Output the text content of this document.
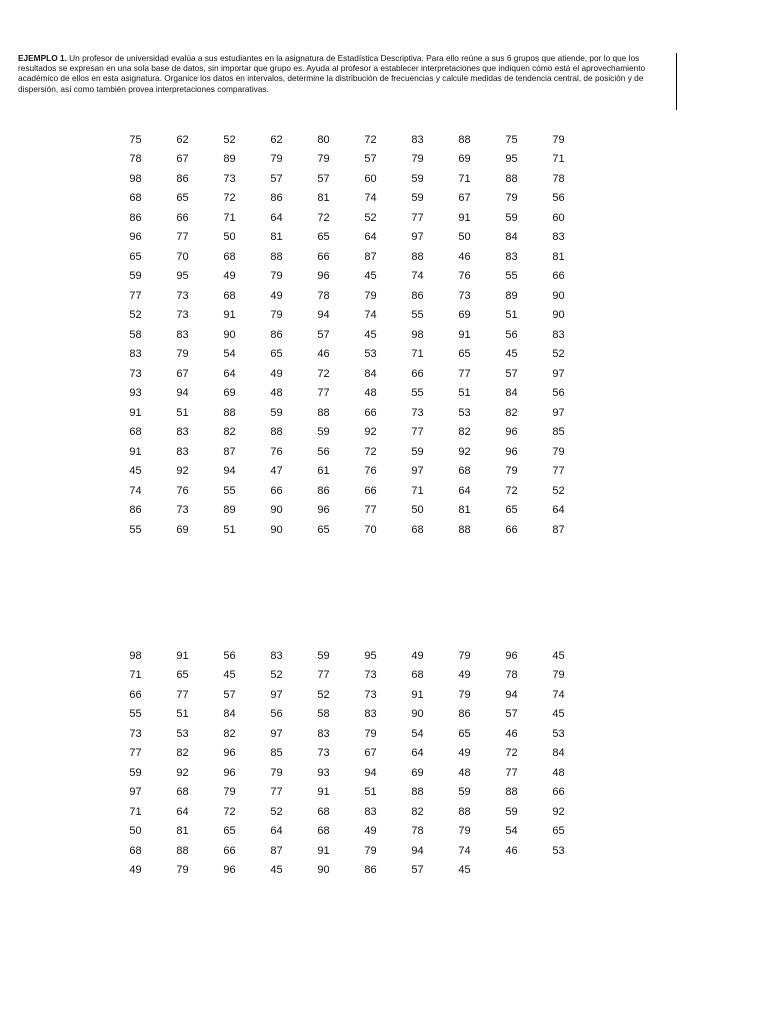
EJEMPLO 1. Un profesor de universidad evalúa a sus estudiantes en la asignatura de Estadística Descriptiva. Para ello reúne a sus 6 grupos que atiende, por lo que los resultados se expresan en una sola base de datos, sin importar que grupo es. Ayuda al profesor a establecer interpretaciones que indiquen cómo está el aprovechamiento académico de ellos en esta asignatura. Organice los datos en intervalos, determine la distribución de frecuencias y calcule medidas de tendencia central, de posición y de dispersión, así como también provea interpretaciones comparativas.
75	62	52	62	80	72	83	88	75	79
78	67	89	79	79	57	79	69	95	71
98	86	73	57	57	60	59	71	88	78
68	65	72	86	81	74	59	67	79	56
86	66	71	64	72	52	77	91	59	60
96	77	50	81	65	64	97	50	84	83
65	70	68	88	66	87	88	46	83	81
59	95	49	79	96	45	74	76	55	66
77	73	68	49	78	79	86	73	89	90
52	73	91	79	94	74	55	69	51	90
58	83	90	86	57	45	98	91	56	83
83	79	54	65	46	53	71	65	45	52
73	67	64	49	72	84	66	77	57	97
93	94	69	48	77	48	55	51	84	56
91	51	88	59	88	66	73	53	82	97
68	83	82	88	59	92	77	82	96	85
91	83	87	76	56	72	59	92	96	79
45	92	94	47	61	76	97	68	79	77
74	76	55	66	86	66	71	64	72	52
86	73	89	90	96	77	50	81	65	64
55	69	51	90	65	70	68	88	66	87
98	91	56	83	59	95	49	79	96	45
71	65	45	52	77	73	68	49	78	79
66	77	57	97	52	73	91	79	94	74
55	51	84	56	58	83	90	86	57	45
73	53	82	97	83	79	54	65	46	53
77	82	96	85	73	67	64	49	72	84
59	92	96	79	93	94	69	48	77	48
97	68	79	77	91	51	88	59	88	66
71	64	72	52	68	83	82	88	59	92
50	81	65	64	68	49	78	79	54	65
68	88	66	87	91	79	94	74	46	53
49	79	96	45	90	86	57	45		
